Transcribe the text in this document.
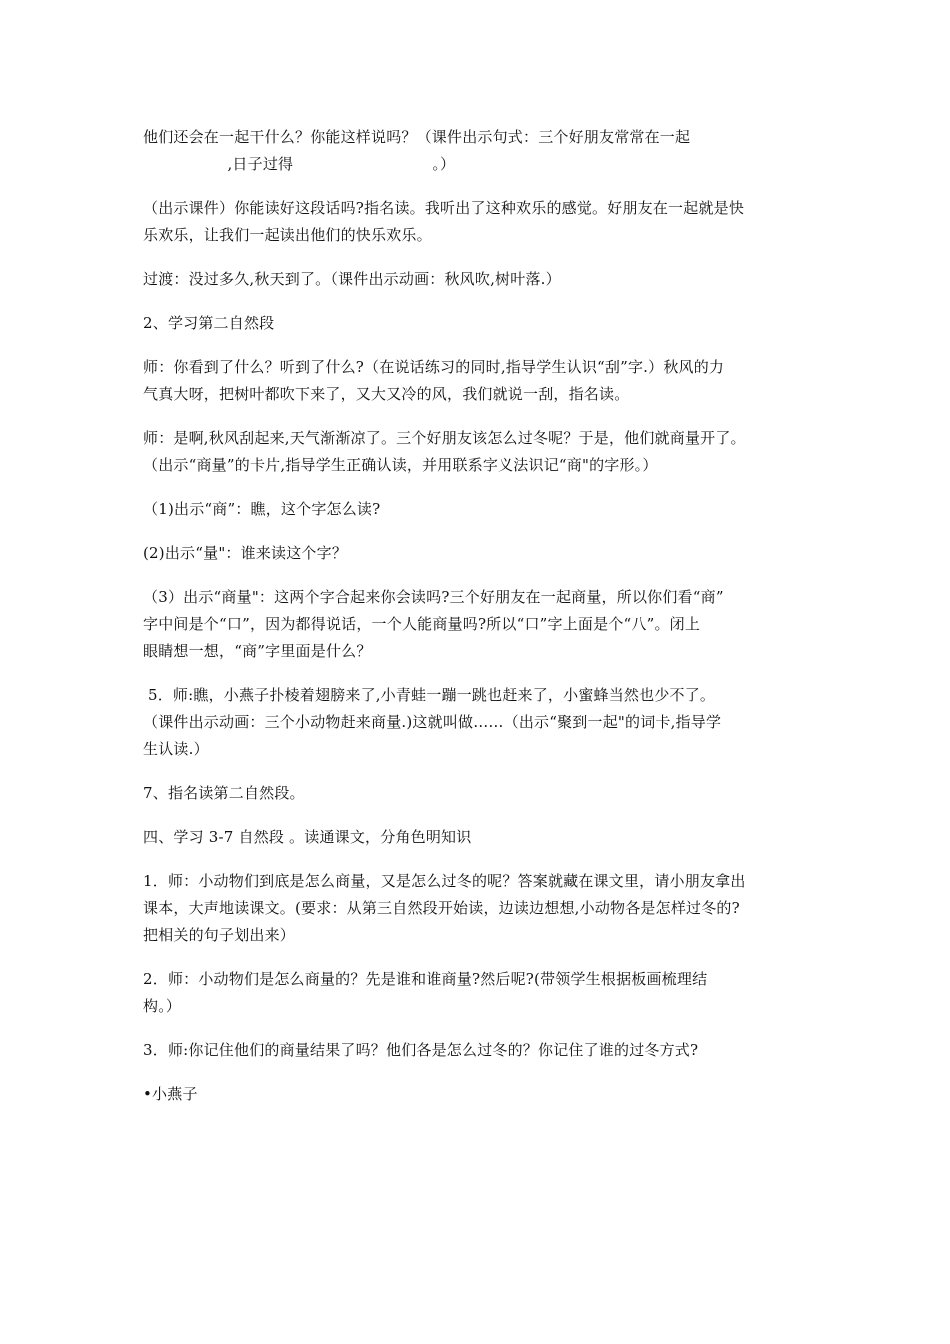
他们还会在一起干什么？你能这样说吗？（课件出示句式：三个好朋友常常在一起
,日子过得                            。）
（出示课件）你能读好这段话吗?指名读。我听出了这种欢乐的感觉。好朋友在一起就是快
乐欢乐，让我们一起读出他们的快乐欢乐。
过渡：没过多久,秋天到了。（课件出示动画：秋风吹,树叶落.）
2、学习第二自然段
师：你看到了什么？听到了什么?（在说话练习的同时,指导学生认识“刮”字.）秋风的力
气真大呀，把树叶都吹下来了，又大又冷的风，我们就说一刮，指名读。
师：是啊,秋风刮起来,天气渐渐凉了。三个好朋友该怎么过冬呢？于是，他们就商量开了。
（出示“商量”的卡片,指导学生正确认读，并用联系字义法识记“商"的字形。）
（1)出示“商”：瞧，这个字怎么读?
(2)出示“量"：谁来读这个字？
（3）出示“商量"：这两个字合起来你会读吗?三个好朋友在一起商量，所以你们看“商”
字中间是个“口”，因为都得说话，一个人能商量吗?所以“口”字上面是个“八”。闭上
眼睛想一想，“商”字里面是什么？
5．师:瞧，小燕子扑棱着翅膀来了,小青蛙一蹦一跳也赶来了，小蜜蜂当然也少不了。
（课件出示动画：三个小动物赶来商量.)这就叫做……（出示“聚到一起"的词卡,指导学
生认读.）
7、指名读第二自然段。
四、学习 3-7 自然段 。读通课文，分角色明知识
1．师：小动物们到底是怎么商量，又是怎么过冬的呢？答案就藏在课文里，请小朋友拿出
课本，大声地读课文。(要求：从第三自然段开始读，边读边想想,小动物各是怎样过冬的?
把相关的句子划出来）
2．师：小动物们是怎么商量的？先是谁和谁商量?然后呢?(带领学生根据板画梳理结
构。）
3．师:你记住他们的商量结果了吗？他们各是怎么过冬的？你记住了谁的过冬方式?
•小燕子
